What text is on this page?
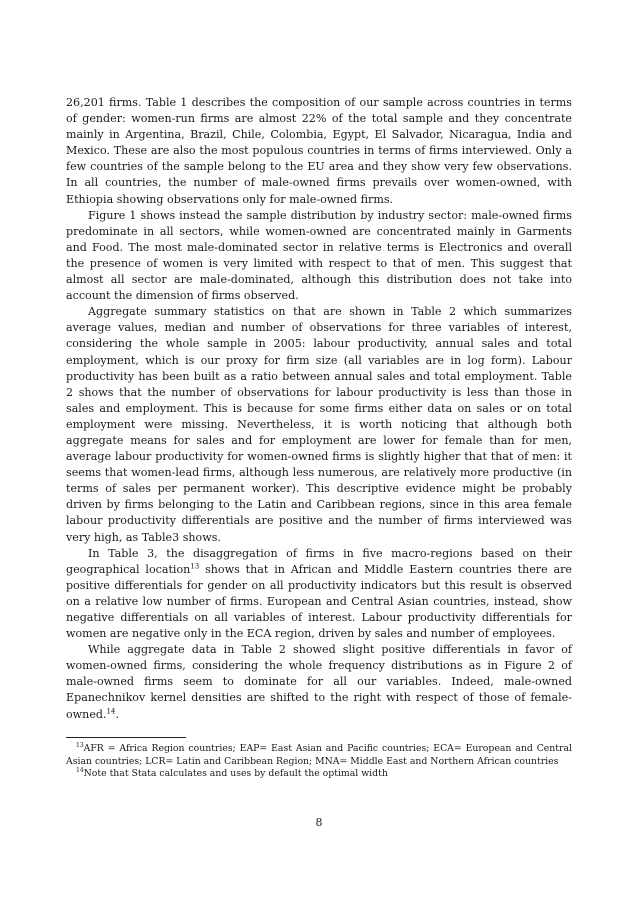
26,201 firms. Table 1 describes the composition of our sample across countries in terms of gender: women-run firms are almost 22% of the total sample and they concentrate mainly in Argentina, Brazil, Chile, Colombia, Egypt, El Salvador, Nicaragua, India and Mexico. These are also the most populous countries in terms of firms interviewed. Only a few countries of the sample belong to the EU area and they show very few observations. In all countries, the number of male-owned firms prevails over women-owned, with Ethiopia showing observations only for male-owned firms.

Figure 1 shows instead the sample distribution by industry sector: male-owned firms predominate in all sectors, while women-owned are concentrated mainly in Garments and Food. The most male-dominated sector in relative terms is Electronics and overall the presence of women is very limited with respect to that of men. This suggest that almost all sector are male-dominated, although this distribution does not take into account the dimension of firms observed.

Aggregate summary statistics on that are shown in Table 2 which summarizes average values, median and number of observations for three variables of interest, considering the whole sample in 2005: labour productivity, annual sales and total employment, which is our proxy for firm size (all variables are in log form). Labour productivity has been built as a ratio between annual sales and total employment. Table 2 shows that the number of observations for labour productivity is less than those in sales and employment. This is because for some firms either data on sales or on total employment were missing. Nevertheless, it is worth noticing that although both aggregate means for sales and for employment are lower for female than for men, average labour productivity for women-owned firms is slightly higher that that of men: it seems that women-lead firms, although less numerous, are relatively more productive (in terms of sales per permanent worker). This descriptive evidence might be probably driven by firms belonging to the Latin and Caribbean regions, since in this area female labour productivity differentials are positive and the number of firms interviewed was very high, as Table3 shows.

In Table 3, the disaggregation of firms in five macro-regions based on their geographical location$^{13}$ shows that in African and Middle Eastern countries there are positive differentials for gender on all productivity indicators but this result is observed on a relative low number of firms. European and Central Asian countries, instead, show negative differentials on all variables of interest. Labour productivity differentials for women are negative only in the ECA region, driven by sales and number of employees.

While aggregate data in Table 2 showed slight positive differentials in favor of women-owned firms, considering the whole frequency distributions as in Figure 2 of male-owned firms seem to dominate for all our variables. Indeed, male-owned Epanechnikov kernel densities are shifted to the right with respect of those of female-owned.$^{14}$.

$^{13}$AFR = Africa Region countries; EAP= East Asian and Pacific countries; ECA= European and Central Asian countries; LCR= Latin and Caribbean Region; MNA= Middle East and Northern African countries

$^{14}$Note that Stata calculates and uses by default the optimal width

8
